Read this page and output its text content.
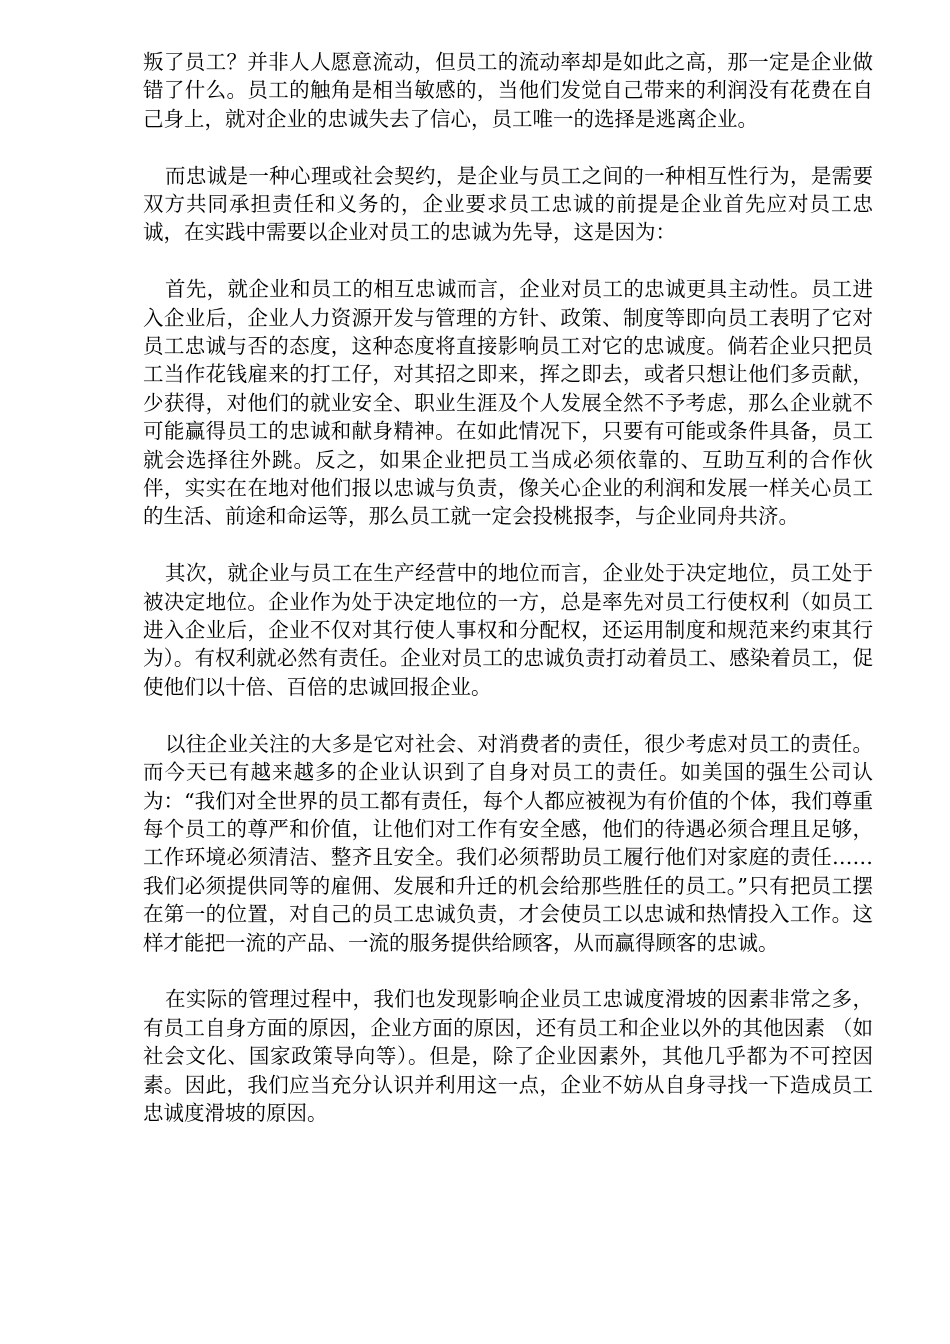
叛了员工？并非人人愿意流动，但员工的流动率却是如此之高，那一定是企业做错了什么。员工的触角是相当敏感的，当他们发觉自己带来的利润没有花费在自己身上，就对企业的忠诚失去了信心，员工唯一的选择是逃离企业。

而忠诚是一种心理或社会契约，是企业与员工之间的一种相互性行为，是需要双方共同承担责任和义务的，企业要求员工忠诚的前提是企业首先应对员工忠诚，在实践中需要以企业对员工的忠诚为先导，这是因为：

首先，就企业和员工的相互忠诚而言，企业对员工的忠诚更具主动性。员工进入企业后，企业人力资源开发与管理的方针、政策、制度等即向员工表明了它对员工忠诚与否的态度，这种态度将直接影响员工对它的忠诚度。倘若企业只把员工当作花钱雇来的打工仔，对其招之即来，挥之即去，或者只想让他们多贡献，少获得，对他们的就业安全、职业生涯及个人发展全然不予考虑，那么企业就不可能赢得员工的忠诚和献身精神。在如此情况下，只要有可能或条件具备，员工就会选择往外跳。反之，如果企业把员工当成必须依靠的、互助互利的合作伙伴，实实在在地对他们报以忠诚与负责，像关心企业的利润和发展一样关心员工的生活、前途和命运等，那么员工就一定会投桃报李，与企业同舟共济。

其次，就企业与员工在生产经营中的地位而言，企业处于决定地位，员工处于被决定地位。企业作为处于决定地位的一方，总是率先对员工行使权利（如员工进入企业后，企业不仅对其行使人事权和分配权，还运用制度和规范来约束其行为）。有权利就必然有责任。企业对员工的忠诚负责打动着员工、感染着员工，促使他们以十倍、百倍的忠诚回报企业。

以往企业关注的大多是它对社会、对消费者的责任，很少考虑对员工的责任。而今天已有越来越多的企业认识到了自身对员工的责任。如美国的强生公司认为：“我们对全世界的员工都有责任，每个人都应被视为有价值的个体，我们尊重每个员工的尊严和价值，让他们对工作有安全感，他们的待遇必须合理且足够，工作环境必须清洁、整齐且安全。我们必须帮助员工履行他们对家庭的责任……我们必须提供同等的雇佣、发展和升迁的机会给那些胜任的员工。”只有把员工摆在第一的位置，对自己的员工忠诚负责，才会使员工以忠诚和热情投入工作。这样才能把一流的产品、一流的服务提供给顾客，从而赢得顾客的忠诚。

在实际的管理过程中，我们也发现影响企业员工忠诚度滑坡的因素非常之多，有员工自身方面的原因，企业方面的原因，还有员工和企业以外的其他因素 （如社会文化、国家政策导向等）。但是，除了企业因素外，其他几乎都为不可控因素。因此，我们应当充分认识并利用这一点，企业不妨从自身寻找一下造成员工忠诚度滑坡的原因。
